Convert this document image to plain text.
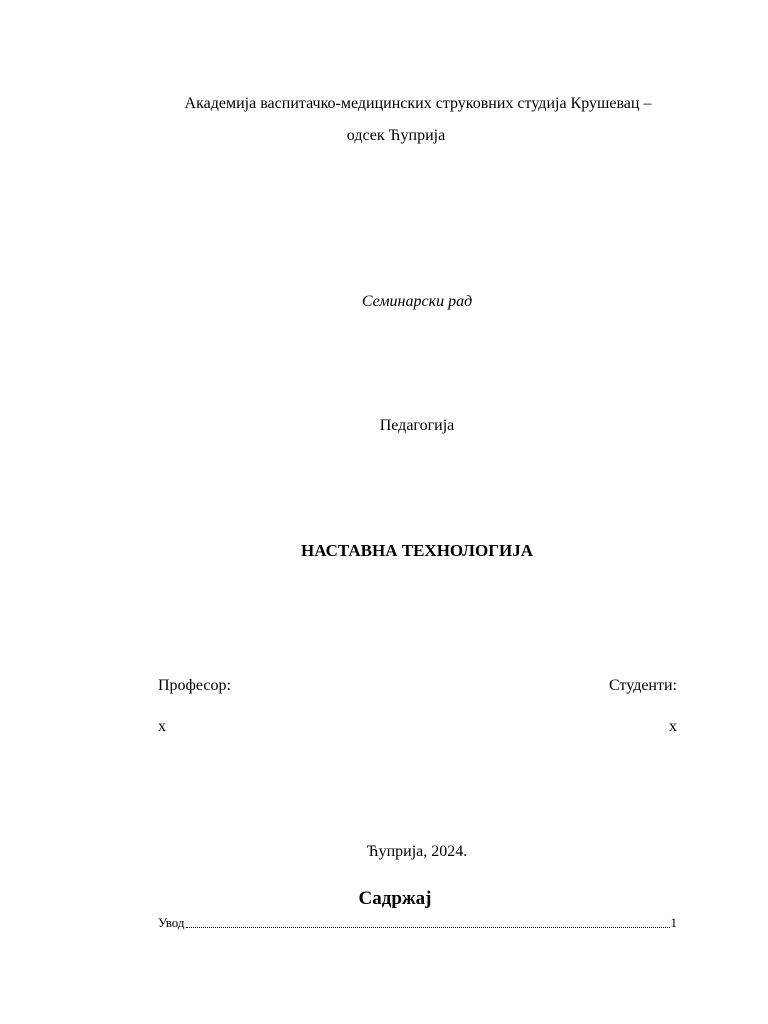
Академија васпитачко-медицинских струковних студија Крушевац –
одсек Ћуприја
Семинарски рад
Педагогија
НАСТАВНА ТЕХНОЛОГИЈА
Професор:	Студенти:
x	x
Ћуприја, 2024.
Садржај
Увод	1
